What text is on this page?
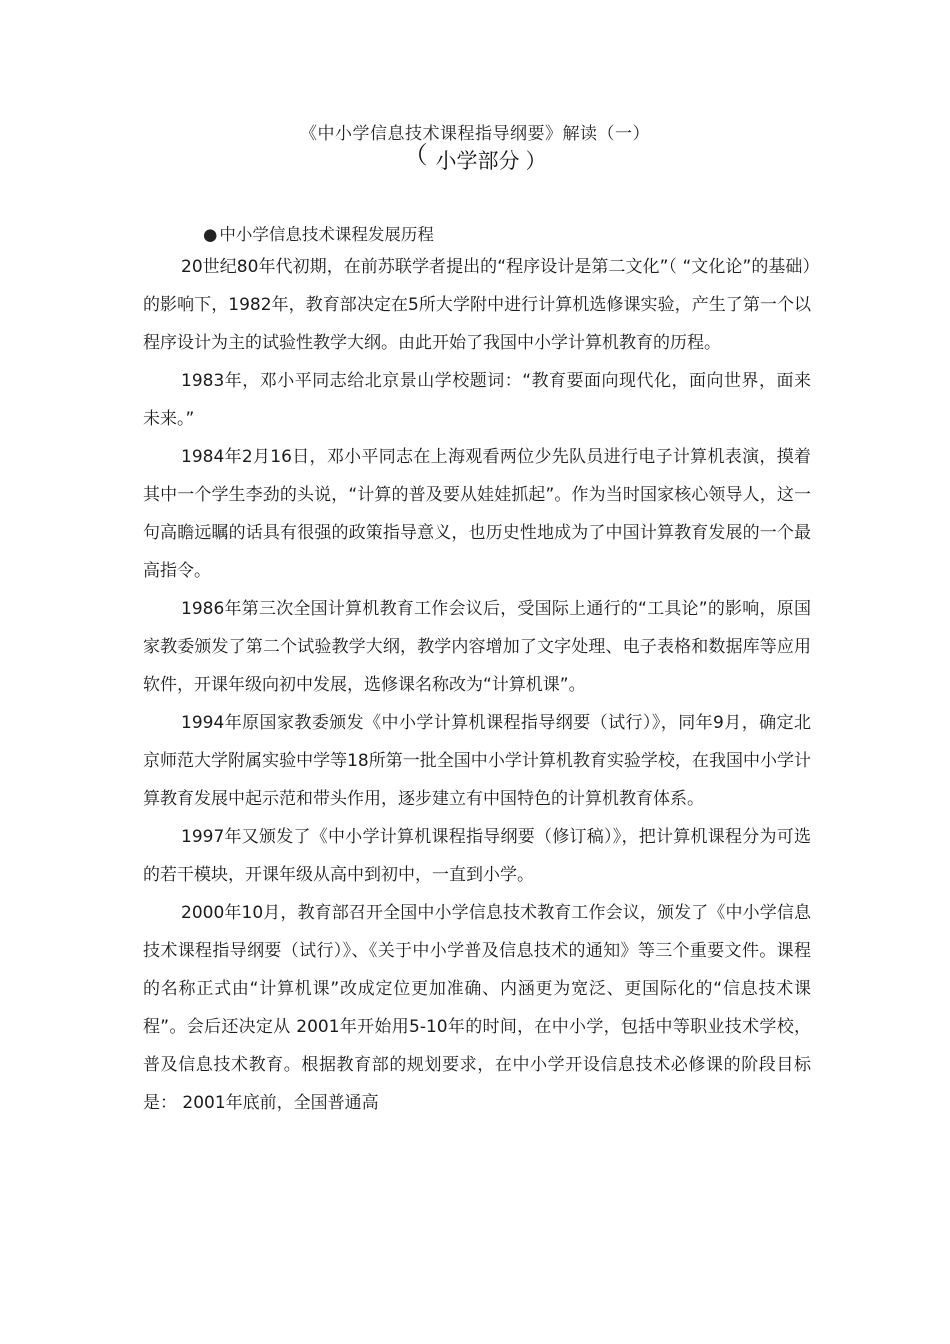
《中小学信息技术课程指导纲要》解读（一）
（ 小学部分 ）
● 中小学信息技术课程发展历程

20世纪80年代初期，在前苏联学者提出的“程序设计是第二文化”（ “文化论”的基础）的影响下，1982年，教育部决定在5所大学附中进行计算机选修课实验，产生了第一个以程序设计为主的试验性教学大纲。由此开始了我国中小学计算机教育的历程。

1983年，邓小平同志给北京景山学校题词：“教育要面向现代化，面向世界，面来未来。”

1984年2月16日，邓小平同志在上海观看两位少先队员进行电子计算机表演，摸着其中一个学生李劲的头说，“计算的普及要从娃娃抓起”。作为当时国家核心领导人，这一句高瞻远瞩的话具有很强的政策指导意义，也历史性地成为了中国计算教育发展的一个最高指令。

1986年第三次全国计算机教育工作会议后，受国际上通行的“工具论”的影响，原国家教委颁发了第二个试验教学大纲，教学内容增加了文字处理、电子表格和数据库等应用软件，开课年级向初中发展，选修课名称改为“计算机课”。

1994年原国家教委颁发《中小学计算机课程指导纲要（试行）》，同年9月，确定北京师范大学附属实验中学等18所第一批全国中小学计算机教育实验学校，在我国中小学计算教育发展中起示范和带头作用，逐步建立有中国特色的计算机教育体系。

1997年又颁发了《中小学计算机课程指导纲要（修订稿）》，把计算机课程分为可选的若干模块，开课年级从高中到初中，一直到小学。

2000年10月，教育部召开全国中小学信息技术教育工作会议，颁发了《中小学信息技术课程指导纲要（试行）》、《关于中小学普及信息技术的通知》等三个重要文件。课程的名称正式由“计算机课”改成定位更加准确、内涵更为宽泛、更国际化的“信息技术课程”。会后还决定从 2001年开始用5-10年的时间，在中小学，包括中等职业技术学校，普及信息技术教育。根据教育部的规划要求，在中小学开设信息技术必修课的阶段目标是： 2001年底前，全国普通高
